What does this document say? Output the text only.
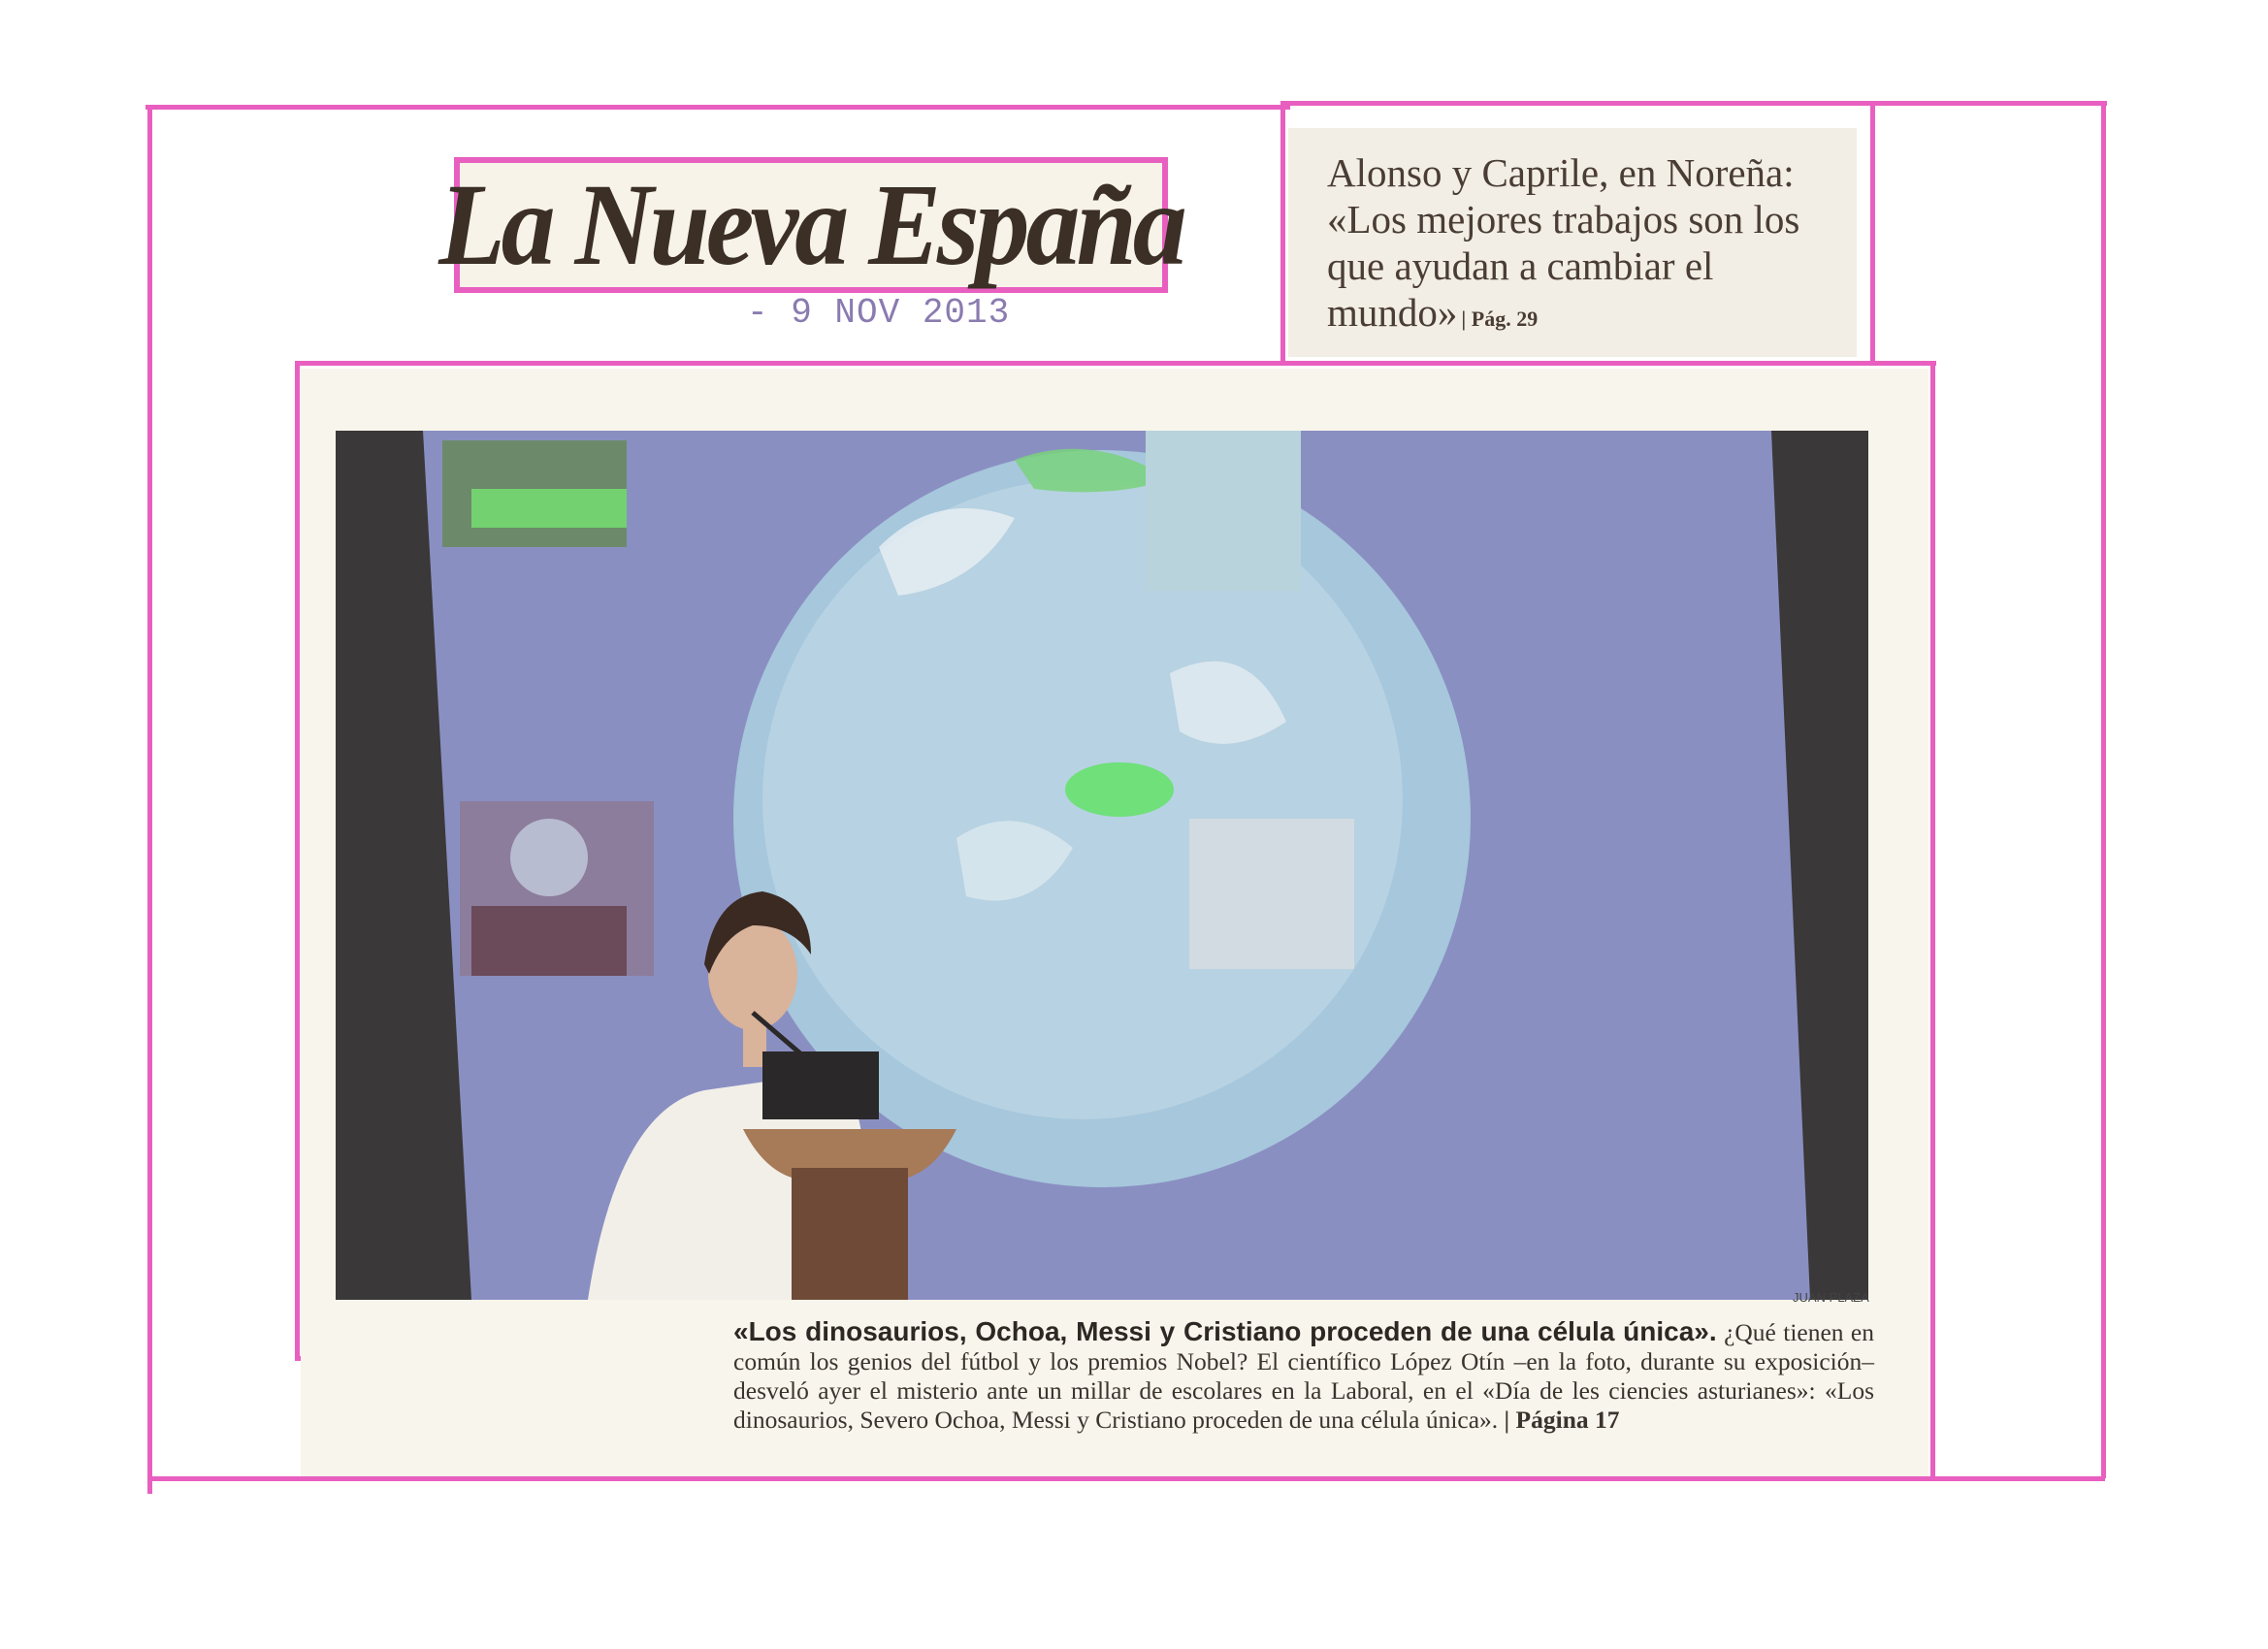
La Nueva España
- 9 NOV 2013
Alonso y Caprile, en Noreña: «Los mejores trabajos son los que ayudan a cambiar el mundo» | Pág. 29
JUAN PLAZA
«Los dinosaurios, Ochoa, Messi y Cristiano proceden de una célula única». ¿Qué tienen en común los genios del fútbol y los premios Nobel? El científico López Otín –en la foto, durante su exposición– desveló ayer el misterio ante un millar de escolares en la Laboral, en el «Día de les ciencies asturianes»: «Los dinosaurios, Severo Ochoa, Messi y Cristiano proceden de una célula única». | Página 17
